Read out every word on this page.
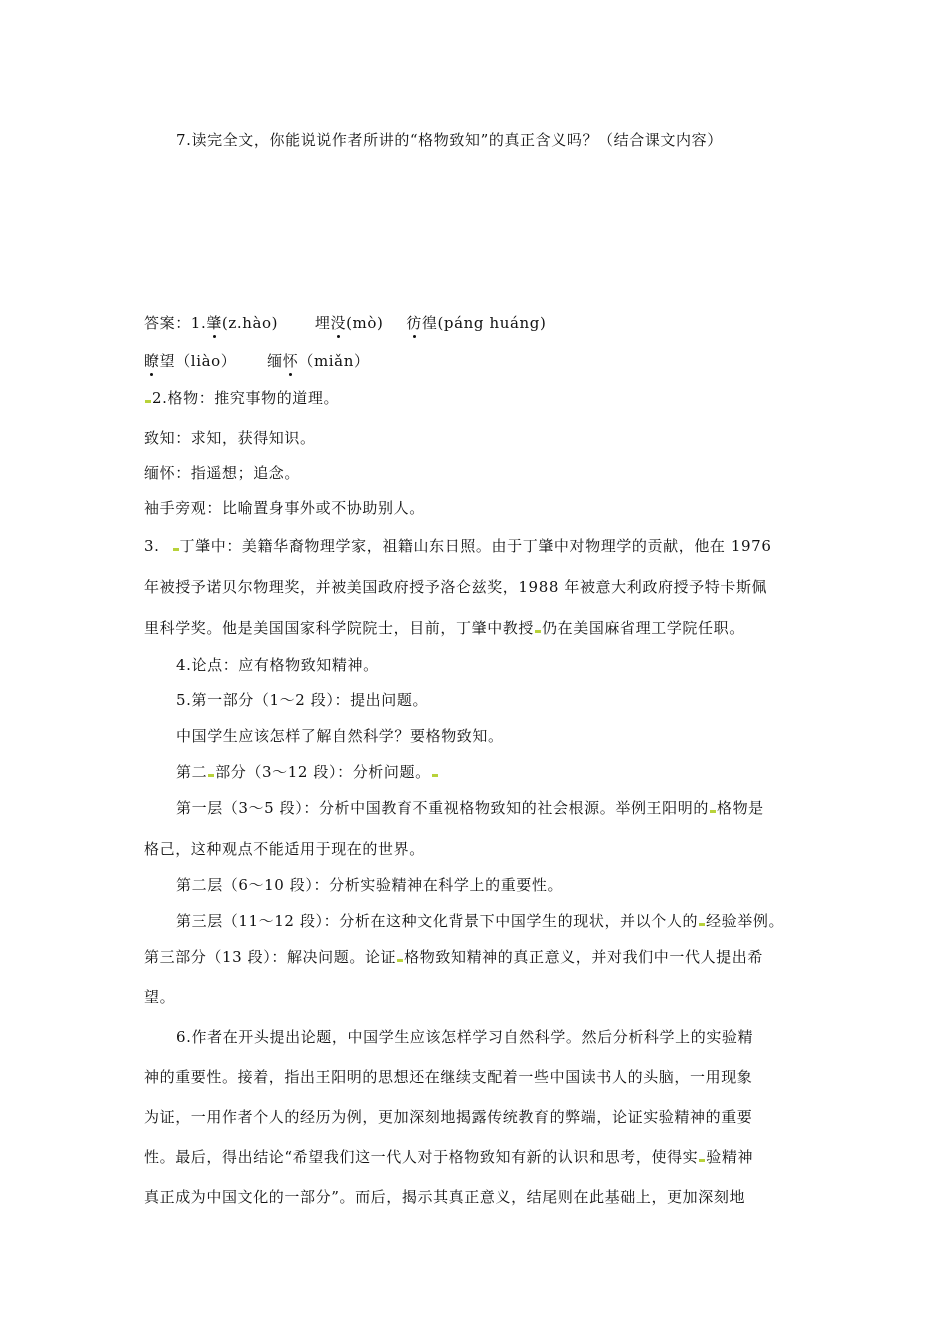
7.读完全文，你能说说作者所讲的“格物致知”的真正含义吗？（结合课文内容）
答案：1.肇(z.hào) 埋没(mò) 彷徨(páng huáng)
瞭望（liào） 缅怀（miǎn）
2.格物：推究事物的道理。
致知：求知，获得知识。
缅怀：指遥想；追念。
袖手旁观：比喻置身事外或不协助别人。
3. 丁肇中：美籍华裔物理学家，祖籍山东日照。由于丁肇中对物理学的贡献，他在 1976
年被授予诺贝尔物理奖，并被美国政府授予洛仑兹奖，1988 年被意大利政府授予特卡斯佩
里科学奖。他是美国国家科学院院士，目前，丁肇中教授 仍在美国麻省理工学院任职。
4.论点：应有格物致知精神。
5.第一部分（1～2 段）：提出问题。
中国学生应该怎样了解自然科学？要格物致知。
第二 部分（3～12 段）：分析问题。
第一层（3～5 段）：分析中国教育不重视格物致知的社会根源。举例王阳明的 格物是
格己，这种观点不能适用于现在的世界。
第二层（6～10 段）：分析实验精神在科学上的重要性。
第三层（11～12 段）：分析在这种文化背景下中国学生的现状，并以个人的 经验举例。
第三部分（13 段）：解决问题。论证 格物致知精神的真正意义，并对我们中一代人提出希
望。
6.作者在开头提出论题，中国学生应该怎样学习自然科学。然后分析科学上的实验精
神的重要性。接着，指出王阳明的思想还在继续支配着一些中国读书人的头脑，一用现象
为证，一用作者个人的经历为例，更加深刻地揭露传统教育的弊端，论证实验精神的重要
性。最后，得出结论“希望我们这一代人对于格物致知有新的认识和思考，使得实 验精神
真正成为中国文化的一部分”。而后，揭示其真正意义，结尾则在此基础上，更加深刻地
